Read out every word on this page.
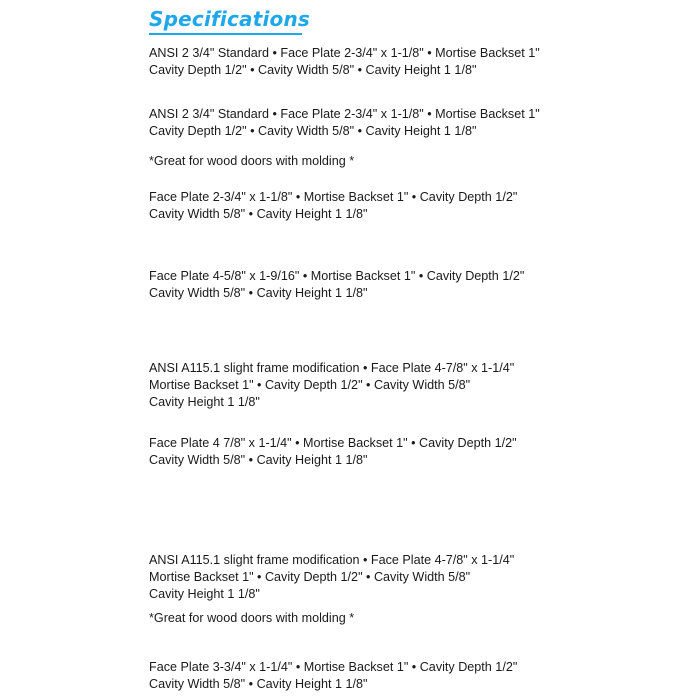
Specifications

ANSI 2 3/4" Standard • Face Plate 2-3/4" x 1-1/8" • Mortise Backset 1"

Cavity Depth 1/2" • Cavity Width 5/8" • Cavity Height 1 1/8"

ANSI 2 3/4" Standard • Face Plate 2-3/4" x 1-1/8" • Mortise Backset 1"

Cavity Depth 1/2" • Cavity Width 5/8" • Cavity Height 1 1/8"

*Great for wood doors with molding *

Face Plate 2-3/4" x 1-1/8" • Mortise Backset 1" • Cavity Depth 1/2"

Cavity Width 5/8" • Cavity Height 1 1/8"

Face Plate 4-5/8" x 1-9/16" • Mortise Backset 1" • Cavity Depth 1/2"

Cavity Width 5/8" • Cavity Height 1 1/8"

ANSI A115.1 slight frame modification • Face Plate 4-7/8" x 1-1/4"

Mortise Backset 1" • Cavity Depth 1/2" • Cavity Width 5/8"

Cavity Height 1 1/8"

Face Plate 4 7/8" x 1-1/4" • Mortise Backset 1" • Cavity Depth 1/2"

Cavity Width 5/8" • Cavity Height 1 1/8"

ANSI A115.1 slight frame modification • Face Plate 4-7/8" x 1-1/4"

Mortise Backset 1" • Cavity Depth 1/2" • Cavity Width 5/8"

Cavity Height 1 1/8"

*Great for wood doors with molding *

Face Plate 3-3/4" x 1-1/4" • Mortise Backset 1" • Cavity Depth 1/2"

Cavity Width 5/8" • Cavity Height 1 1/8"
